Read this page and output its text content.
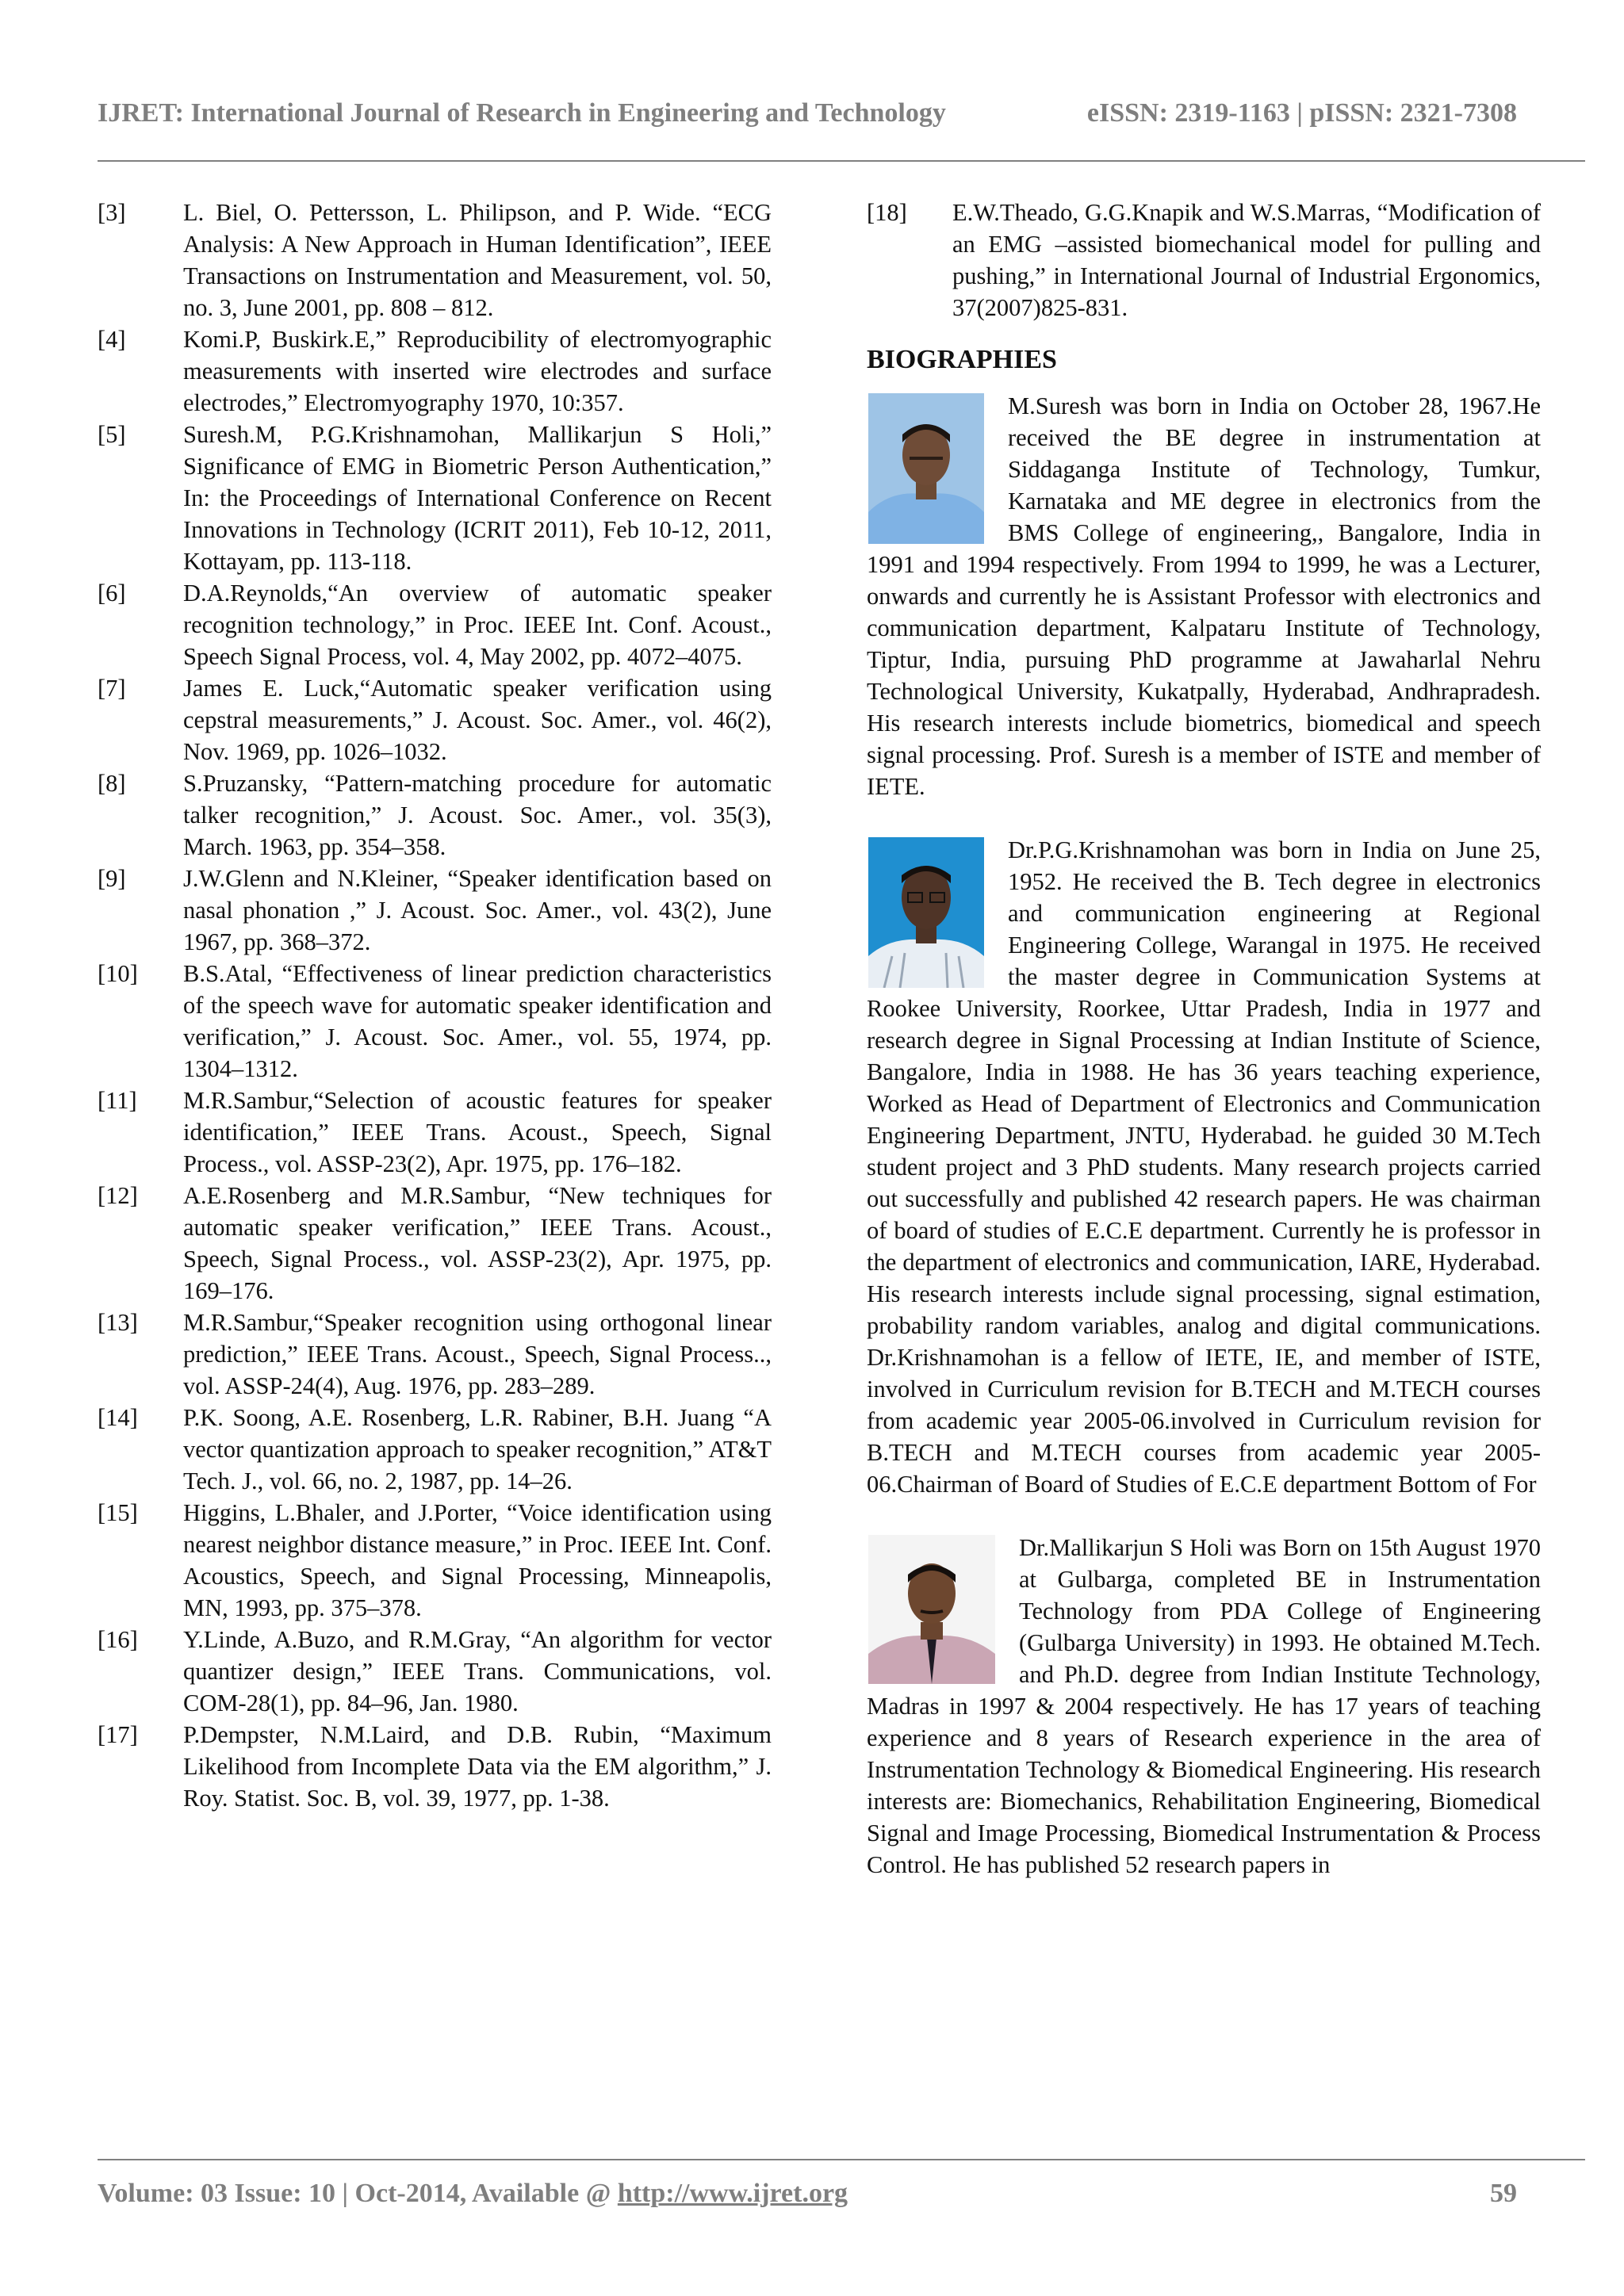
IJRET: International Journal of Research in Engineering and Technology	eISSN: 2319-1163 | pISSN: 2321-7308
[3]	L. Biel, O. Pettersson, L. Philipson, and P. Wide. “ECG Analysis: A New Approach in Human Identification”, IEEE Transactions on Instrumentation and Measurement, vol. 50, no. 3, June 2001, pp. 808 – 812.
[4]	Komi.P, Buskirk.E,” Reproducibility of electromyographic measurements with inserted wire electrodes and surface electrodes,” Electromyography 1970, 10:357.
[5]	Suresh.M, P.G.Krishnamohan, Mallikarjun S Holi,” Significance of EMG in Biometric Person Authentication,” In: the Proceedings of International Conference on Recent Innovations in Technology (ICRIT 2011), Feb 10-12, 2011, Kottayam, pp. 113-118.
[6]	D.A.Reynolds,“An overview of automatic speaker recognition technology,” in Proc. IEEE Int. Conf. Acoust., Speech Signal Process, vol. 4, May 2002, pp. 4072–4075.
[7]	James E. Luck,“Automatic speaker verification using cepstral measurements,” J. Acoust. Soc. Amer., vol. 46(2), Nov. 1969, pp. 1026–1032.
[8]	S.Pruzansky, “Pattern-matching procedure for automatic talker recognition,” J. Acoust. Soc. Amer., vol. 35(3), March. 1963, pp. 354–358.
[9]	J.W.Glenn and N.Kleiner, “Speaker identification based on nasal phonation ,” J. Acoust. Soc. Amer., vol. 43(2), June 1967, pp. 368–372.
[10]	B.S.Atal, “Effectiveness of linear prediction characteristics of the speech wave for automatic speaker identification and verification,” J. Acoust. Soc. Amer., vol. 55, 1974, pp. 1304–1312.
[11]	M.R.Sambur,“Selection of acoustic features for speaker identification,” IEEE Trans. Acoust., Speech, Signal Process., vol. ASSP-23(2), Apr. 1975, pp. 176–182.
[12]	A.E.Rosenberg and M.R.Sambur, “New techniques for automatic speaker verification,” IEEE Trans. Acoust., Speech, Signal Process., vol. ASSP-23(2), Apr. 1975, pp. 169–176.
[13]	M.R.Sambur,“Speaker recognition using orthogonal linear prediction,” IEEE Trans. Acoust., Speech, Signal Process.., vol. ASSP-24(4), Aug. 1976, pp. 283–289.
[14]	P.K. Soong, A.E. Rosenberg, L.R. Rabiner, B.H. Juang “A vector quantization approach to speaker recognition,” AT&T Tech. J., vol. 66, no. 2, 1987, pp. 14–26.
[15]	Higgins, L.Bhaler, and J.Porter, “Voice identification using nearest neighbor distance measure,” in Proc. IEEE Int. Conf. Acoustics, Speech, and Signal Processing, Minneapolis, MN, 1993, pp. 375–378.
[16]	Y.Linde, A.Buzo, and R.M.Gray, “An algorithm for vector quantizer design,” IEEE Trans. Communications, vol. COM-28(1), pp. 84–96, Jan. 1980.
[17]	P.Dempster, N.M.Laird, and D.B. Rubin, “Maximum Likelihood from Incomplete Data via the EM algorithm,” J. Roy. Statist. Soc. B, vol. 39, 1977, pp. 1-38.
[18]	E.W.Theado, G.G.Knapik and W.S.Marras, “Modification of an EMG –assisted biomechanical model for pulling and pushing,” in International Journal of Industrial Ergonomics, 37(2007)825-831.
BIOGRAPHIES
M.Suresh was born in India on October 28, 1967.He received the BE degree in instrumentation at Siddaganga Institute of Technology, Tumkur, Karnataka and ME degree in electronics from the BMS College of engineering,, Bangalore, India in 1991 and 1994 respectively. From 1994 to 1999, he was a Lecturer, onwards and currently he is Assistant Professor with electronics and communication department, Kalpataru Institute of Technology, Tiptur, India, pursuing PhD programme at Jawaharlal Nehru Technological University, Kukatpally, Hyderabad, Andhrapradesh. His research interests include biometrics, biomedical and speech signal processing. Prof. Suresh is a member of ISTE and member of IETE.
Dr.P.G.Krishnamohan was born in India on June 25, 1952. He received the B. Tech degree in electronics and communication engineering at Regional Engineering College, Warangal in 1975. He received the master degree in Communication Systems at Rookee University, Roorkee, Uttar Pradesh, India in 1977 and research degree in Signal Processing at Indian Institute of Science, Bangalore, India in 1988. He has 36 years teaching experience, Worked as Head of Department of Electronics and Communication Engineering Department, JNTU, Hyderabad. he guided 30 M.Tech student project and 3 PhD students. Many research projects carried out successfully and published 42 research papers. He was chairman of board of studies of E.C.E department. Currently he is professor in the department of electronics and communication, IARE, Hyderabad. His research interests include signal processing, signal estimation, probability random variables, analog and digital communications. Dr.Krishnamohan is a fellow of IETE, IE, and member of ISTE, involved in Curriculum revision for B.TECH and M.TECH courses from academic year 2005-06.involved in Curriculum revision for B.TECH and M.TECH courses from academic year 2005-06.Chairman of Board of Studies of E.C.E department Bottom of For
Dr.Mallikarjun S Holi was Born on 15th August 1970 at Gulbarga, completed BE in Instrumentation Technology from PDA College of Engineering (Gulbarga University) in 1993. He obtained M.Tech. and Ph.D. degree from Indian Institute Technology, Madras in 1997 & 2004 respectively. He has 17 years of teaching experience and 8 years of Research experience in the area of Instrumentation Technology & Biomedical Engineering. His research interests are: Biomechanics, Rehabilitation Engineering, Biomedical Signal and Image Processing, Biomedical Instrumentation & Process Control. He has published 52 research papers in
Volume: 03 Issue: 10 | Oct-2014, Available @ http://www.ijret.org	59
